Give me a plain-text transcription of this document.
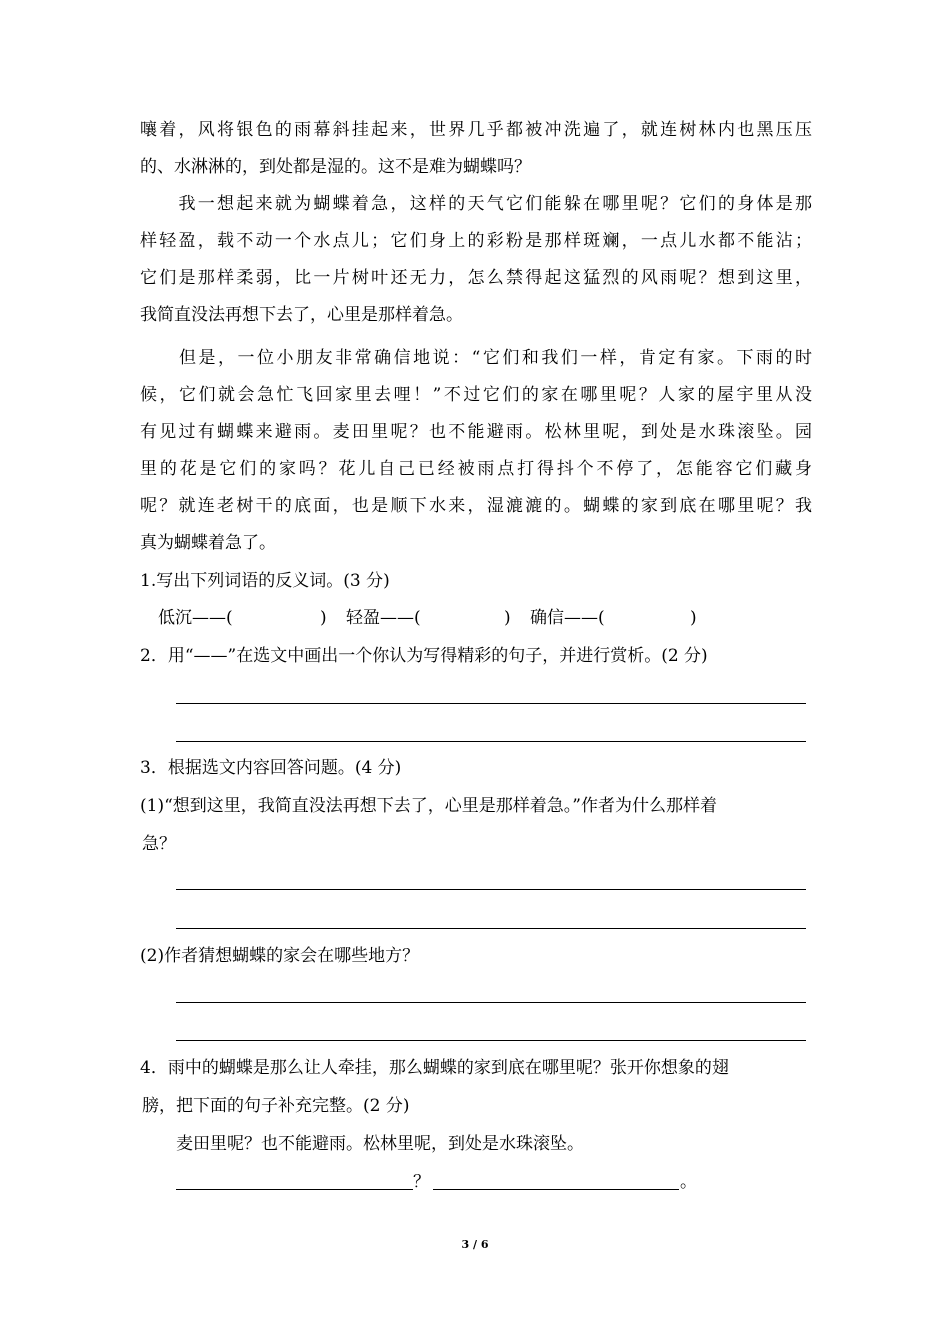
嚷着，风将银色的雨幕斜挂起来，世界几乎都被冲洗遍了，就连树林内也黑压压
的、水淋淋的，到处都是湿的。这不是难为蝴蝶吗？
　　我一想起来就为蝴蝶着急，这样的天气它们能躲在哪里呢？它们的身体是那
样轻盈，载不动一个水点儿；它们身上的彩粉是那样斑斓，一点儿水都不能沾；
它们是那样柔弱，比一片树叶还无力，怎么禁得起这猛烈的风雨呢？想到这里，
我简直没法再想下去了，心里是那样着急。
　　但是，一位小朋友非常确信地说：“它们和我们一样，肯定有家。下雨的时
候，它们就会急忙飞回家里去哩！”不过它们的家在哪里呢？人家的屋宇里从没
有见过有蝴蝶来避雨。麦田里呢？也不能避雨。松林里呢，到处是水珠滚坠。园
里的花是它们的家吗？花儿自己已经被雨点打得抖个不停了，怎能容它们藏身
呢？就连老树干的底面，也是顺下水来，湿漉漉的。蝴蝶的家到底在哪里呢？我
真为蝴蝶着急了。
1.写出下列词语的反义词。(3 分)
低沉——(	) 轻盈——(	) 确信——(	)
2．用“——”在选文中画出一个你认为写得精彩的句子，并进行赏析。(2 分)
3．根据选文内容回答问题。(4 分)
(1)“想到这里，我简直没法再想下去了，心里是那样着急。”作者为什么那样着
急？
(2)作者猜想蝴蝶的家会在哪些地方？
4．雨中的蝴蝶是那么让人牵挂，那么蝴蝶的家到底在哪里呢？张开你想象的翅
膀，把下面的句子补充完整。(2 分)
麦田里呢？也不能避雨。松林里呢，到处是水珠滚坠。
？	。
3 / 6
